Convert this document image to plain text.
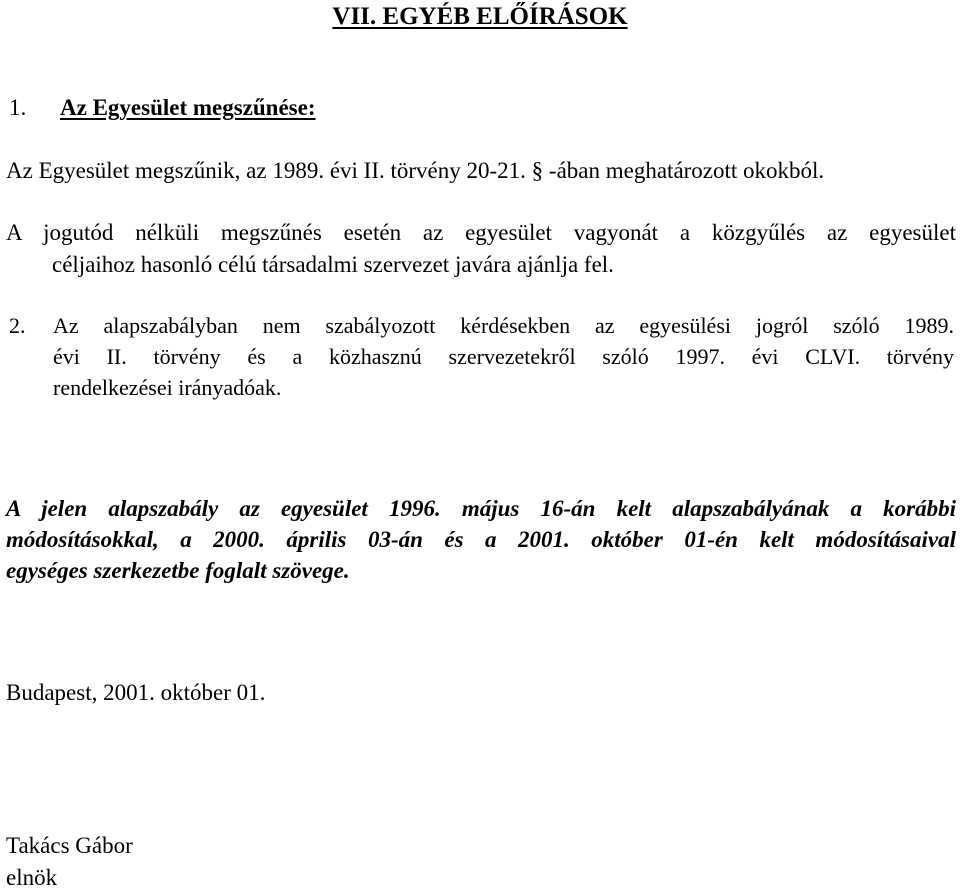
VII. EGYÉB ELŐÍRÁSOK
1. Az Egyesület megszűnése:
Az Egyesület megszűnik, az 1989. évi II. törvény 20-21. § -ában meghatározott okokból.
A jogutód nélküli megszűnés esetén az egyesület vagyonát a közgyűlés az egyesület
céljaihoz hasonló célú társadalmi szervezet javára ajánlja fel.
2.	Az alapszabályban nem szabályozott kérdésekben az egyesülési jogról szóló 1989.
évi II. törvény és a közhasznú szervezetekről szóló 1997. évi CLVI. törvény
rendelkezései irányadóak.
A jelen alapszabály az egyesület 1996. május 16-án kelt alapszabályának a korábbi
módosításokkal, a 2000. április 03-án és a 2001. október 01-én kelt módosításaival
egységes szerkezetbe foglalt szövege.
Budapest, 2001. október 01.
Takács Gábor
elnök
